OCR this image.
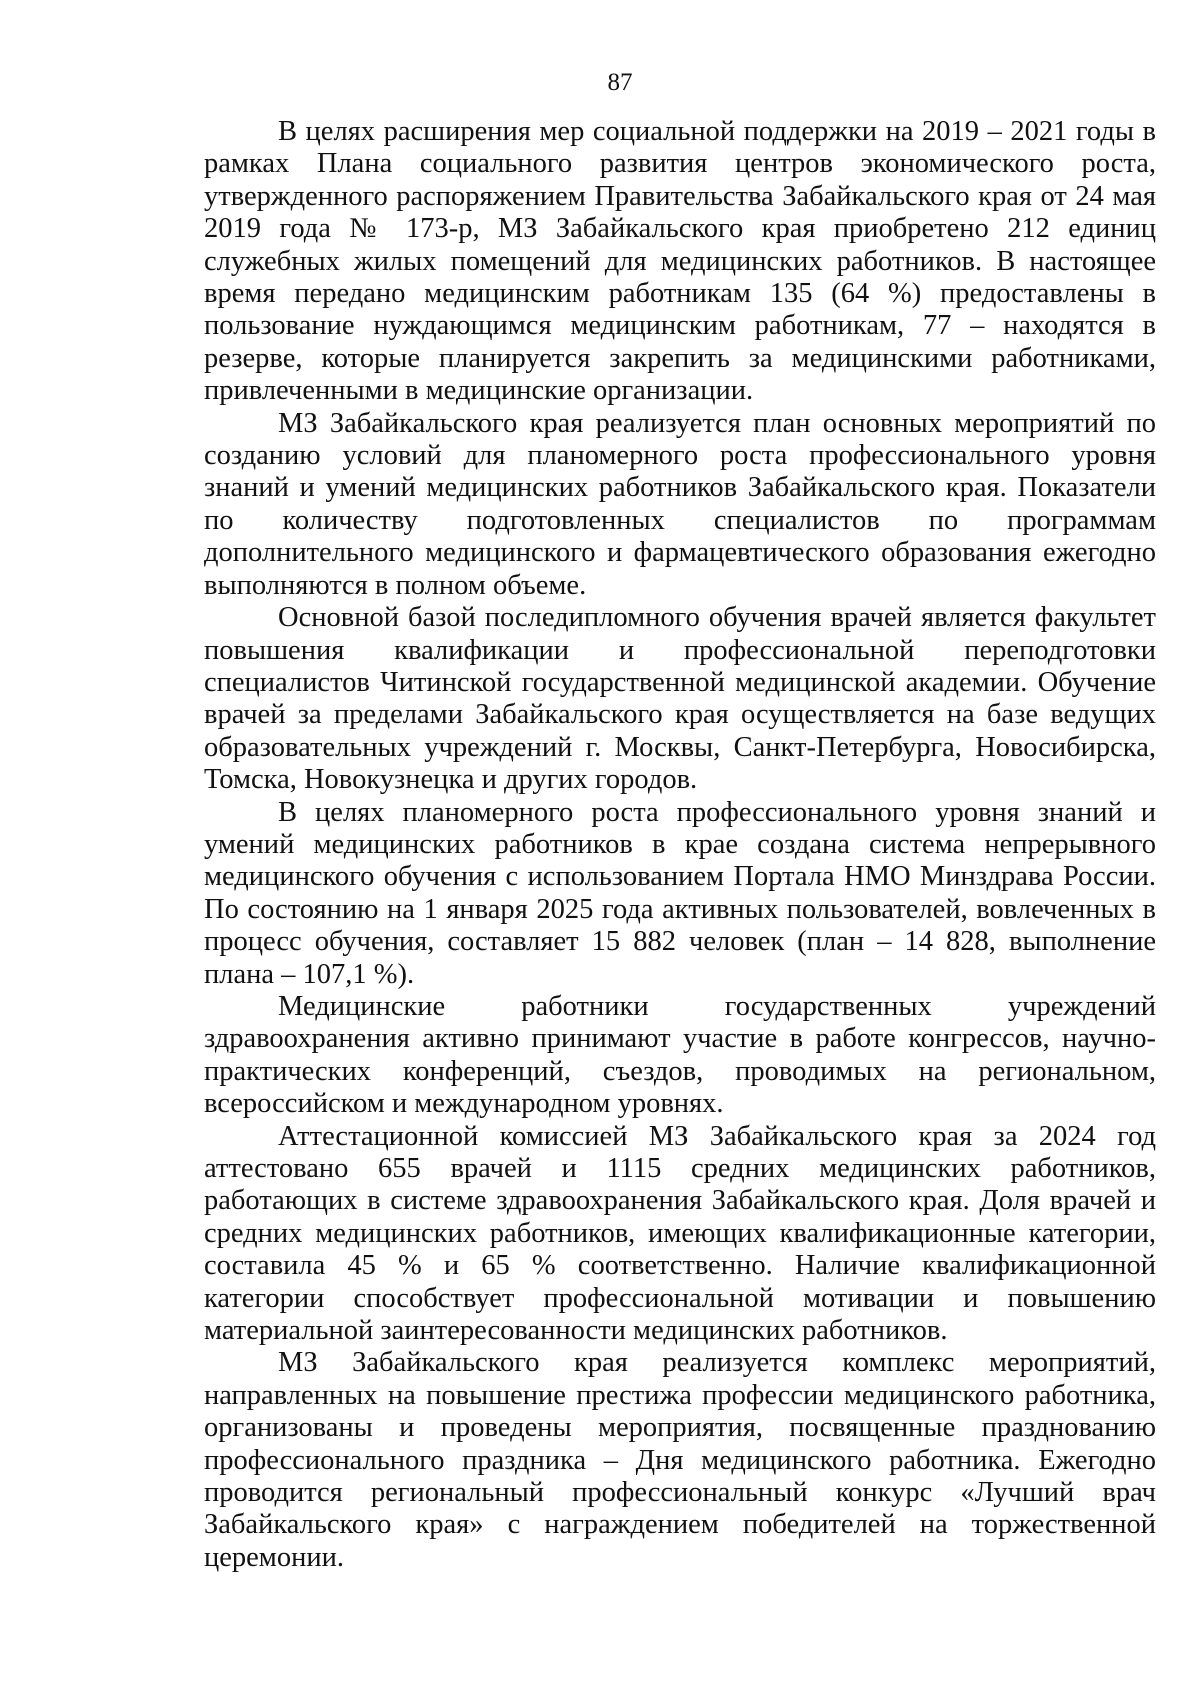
87

В целях расширения мер социальной поддержки на 2019 – 2021 годы в рамках Плана социального развития центров экономического роста, утвержденного распоряжением Правительства Забайкальского края от 24 мая 2019 года № 173-р, МЗ Забайкальского края приобретено 212 единиц служебных жилых помещений для медицинских работников. В настоящее время передано медицинским работникам 135 (64 %) предоставлены в пользование нуждающимся медицинским работникам, 77 – находятся в резерве, которые планируется закрепить за медицинскими работниками, привлеченными в медицинские организации.

МЗ Забайкальского края реализуется план основных мероприятий по созданию условий для планомерного роста профессионального уровня знаний и умений медицинских работников Забайкальского края. Показатели по количеству подготовленных специалистов по программам дополнительного медицинского и фармацевтического образования ежегодно выполняются в полном объеме.

Основной базой последипломного обучения врачей является факультет повышения квалификации и профессиональной переподготовки специалистов Читинской государственной медицинской академии. Обучение врачей за пределами Забайкальского края осуществляется на базе ведущих образовательных учреждений г. Москвы, Санкт-Петербурга, Новосибирска, Томска, Новокузнецка и других городов.

В целях планомерного роста профессионального уровня знаний и умений медицинских работников в крае создана система непрерывного медицинского обучения с использованием Портала НМО Минздрава России. По состоянию на 1 января 2025 года активных пользователей, вовлеченных в процесс обучения, составляет 15 882 человек (план – 14 828, выполнение плана – 107,1 %).

Медицинские работники государственных учреждений здравоохранения активно принимают участие в работе конгрессов, научно-практических конференций, съездов, проводимых на региональном, всероссийском и международном уровнях.

Аттестационной комиссией МЗ Забайкальского края за 2024 год аттестовано 655 врачей и 1115 средних медицинских работников, работающих в системе здравоохранения Забайкальского края. Доля врачей и средних медицинских работников, имеющих квалификационные категории, составила 45 % и 65 % соответственно. Наличие квалификационной категории способствует профессиональной мотивации и повышению материальной заинтересованности медицинских работников.

МЗ Забайкальского края реализуется комплекс мероприятий, направленных на повышение престижа профессии медицинского работника, организованы и проведены мероприятия, посвященные празднованию профессионального праздника – Дня медицинского работника. Ежегодно проводится региональный профессиональный конкурс «Лучший врач Забайкальского края» с награждением победителей на торжественной церемонии.
